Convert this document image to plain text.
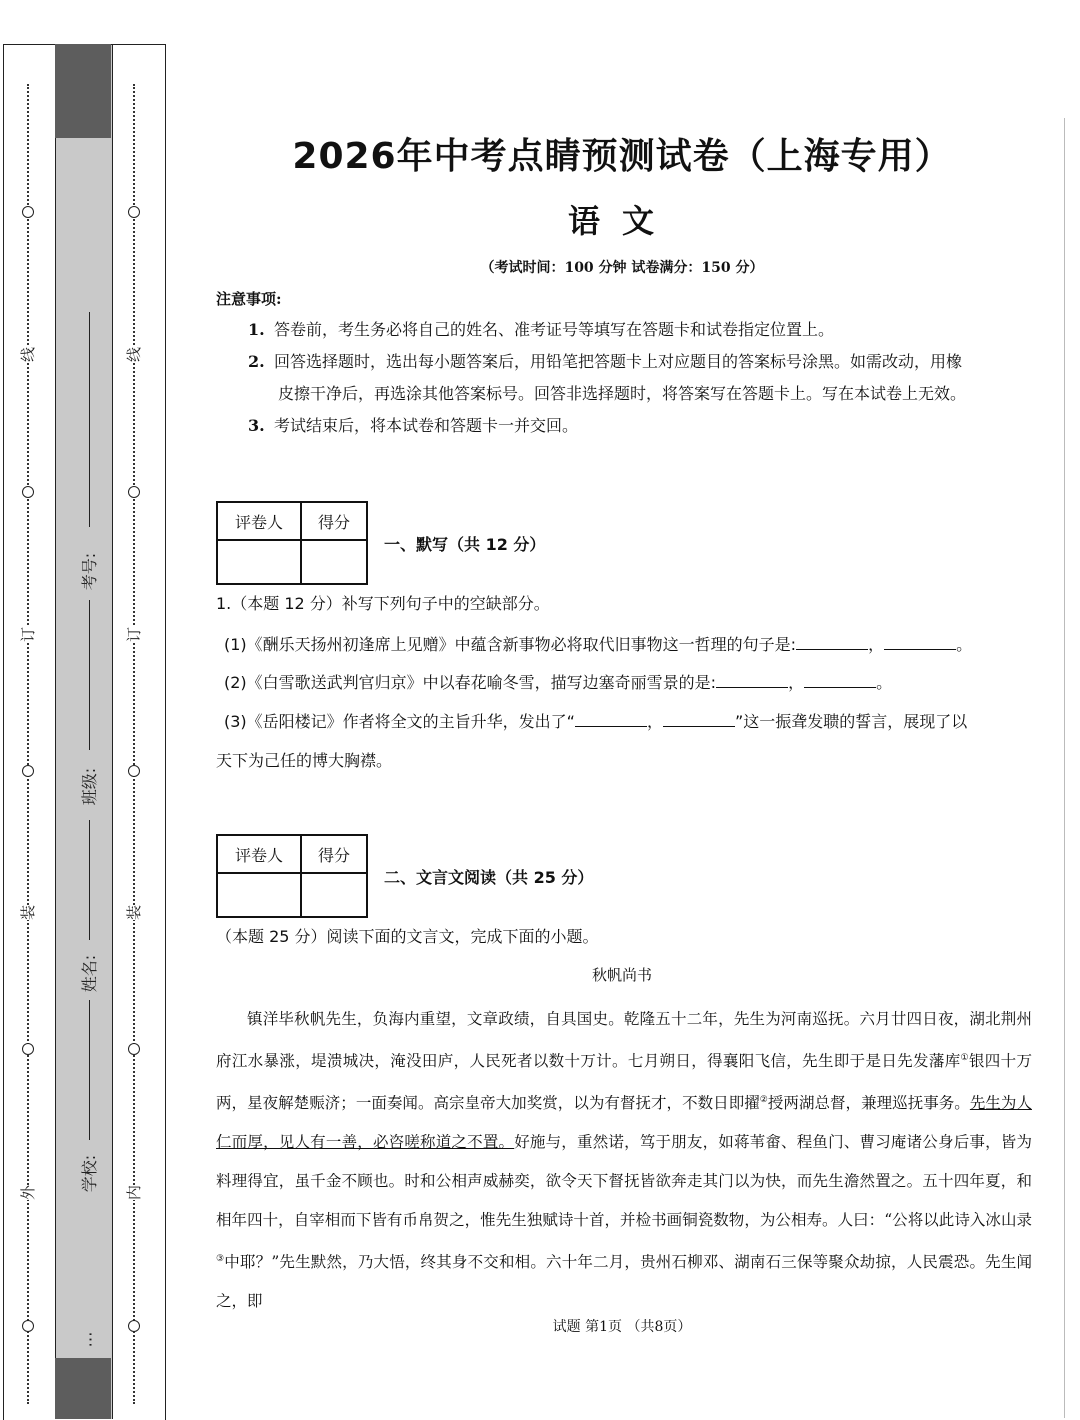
线
订
装
外
线
订
装
内
考号:
班级:
姓名:
学校:
…
2026年中考点睛预测试卷（上海专用）
语文
（考试时间：100 分钟 试卷满分：150 分）
注意事项:
1. 答卷前，考生务必将自己的姓名、准考证号等填写在答题卡和试卷指定位置上。
2. 回答选择题时，选出每小题答案后，用铅笔把答题卡上对应题目的答案标号涂黑。如需改动，用橡
皮擦干净后，再选涂其他答案标号。回答非选择题时，将答案写在答题卡上。写在本试卷上无效。
3. 考试结束后，将本试卷和答题卡一并交回。
评卷人	得分

一、默写（共 12 分）
1.（本题 12 分）补写下列句子中的空缺部分。
(1)《酬乐天扬州初逢席上见赠》中蕴含新事物必将取代旧事物这一哲理的句子是:	，	。
(2)《白雪歌送武判官归京》中以春花喻冬雪，描写边塞奇丽雪景的是:	，	。
(3)《岳阳楼记》作者将全文的主旨升华，发出了“	，	”这一振聋发聩的誓言，展现了以
天下为己任的博大胸襟。
评卷人	得分

二、文言文阅读（共 25 分）
（本题 25 分）阅读下面的文言文，完成下面的小题。
秋帆尚书

镇洋毕秋帆先生，负海内重望，文章政绩，自具国史。乾隆五十二年，先生为河南巡抚。六月廿四日夜，湖北荆州府江水暴涨，堤溃城决，淹没田庐，人民死者以数十万计。七月朔日，得襄阳飞信，先生即于是日先发藩库①银四十万两，星夜解楚赈济；一面奏闻。高宗皇帝大加奖赏，以为有督抚才，不数日即擢②授两湖总督，兼理巡抚事务。先生为人仁而厚，见人有一善，必咨嗟称道之不置。好施与，重然诺，笃于朋友，如蒋苇畲、程鱼门、曹习庵诸公身后事，皆为料理得宜，虽千金不顾也。时和公相声威赫奕，欲令天下督抚皆欲奔走其门以为快，而先生澹然置之。五十四年夏，和相年四十，自宰相而下皆有币帛贺之，惟先生独赋诗十首，并检书画铜瓷数物，为公相寿。人曰：“公将以此诗入冰山录③中耶？”先生默然，乃大悟，终其身不交和相。六十年二月，贵州石柳邓、湖南石三保等聚众劫掠，人民震恐。先生闻之，即

试题 第1页 （共8页）
